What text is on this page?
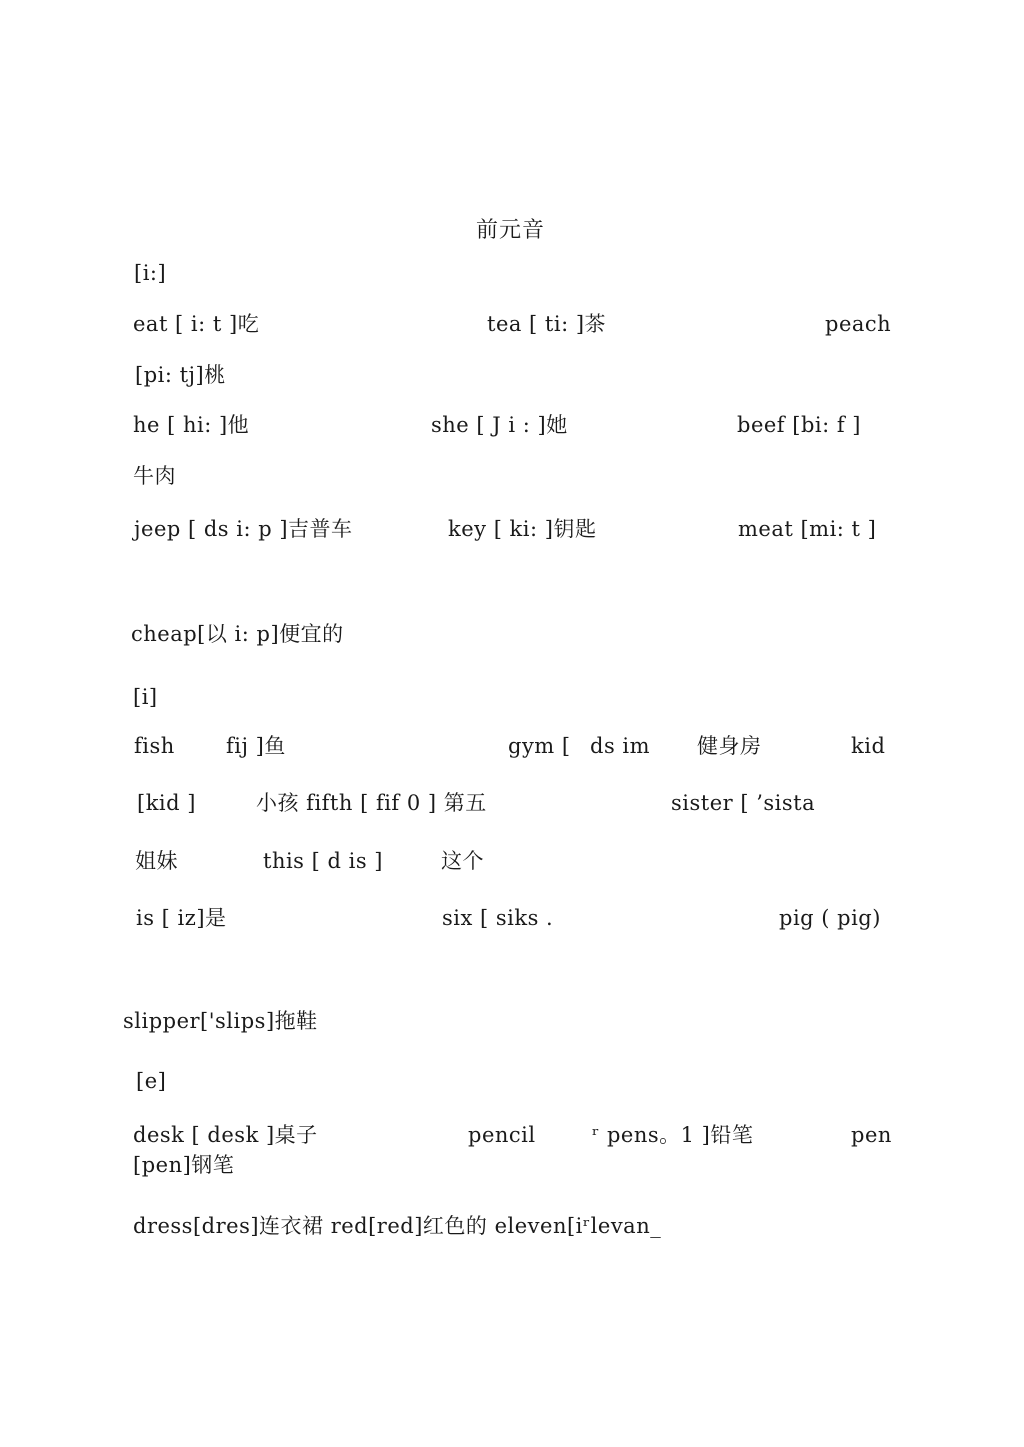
前元音
[i:]
eat [ i: t ]吃	tea [ ti: ]茶	peach
[pi: tj]桃
he [ hi: ]他	she [ J i : ]她	beef [bi: f ]
牛肉
jeep [ ds i: p ]吉普车	key [ ki: ]钥匙	meat [mi: t ]
cheap[以 i: p]便宜的
[i]
fish fij ]鱼	gym [ ds im 健身房	kid
[kid ]	小孩 fifth [ fif 0 ] 第五	sister [ ’sista
姐妹	this [ d is ]	这个
is [ iz]是	six [ siks .	pig ( pig)
slipper['slips]拖鞋
[e]
desk [ desk ]桌子	pencil	ʳ pens。1 ]铅笔	pen
[pen]钢笔
dress[dres]连衣裙 red[red]红色的 eleven[iʳlevan_
